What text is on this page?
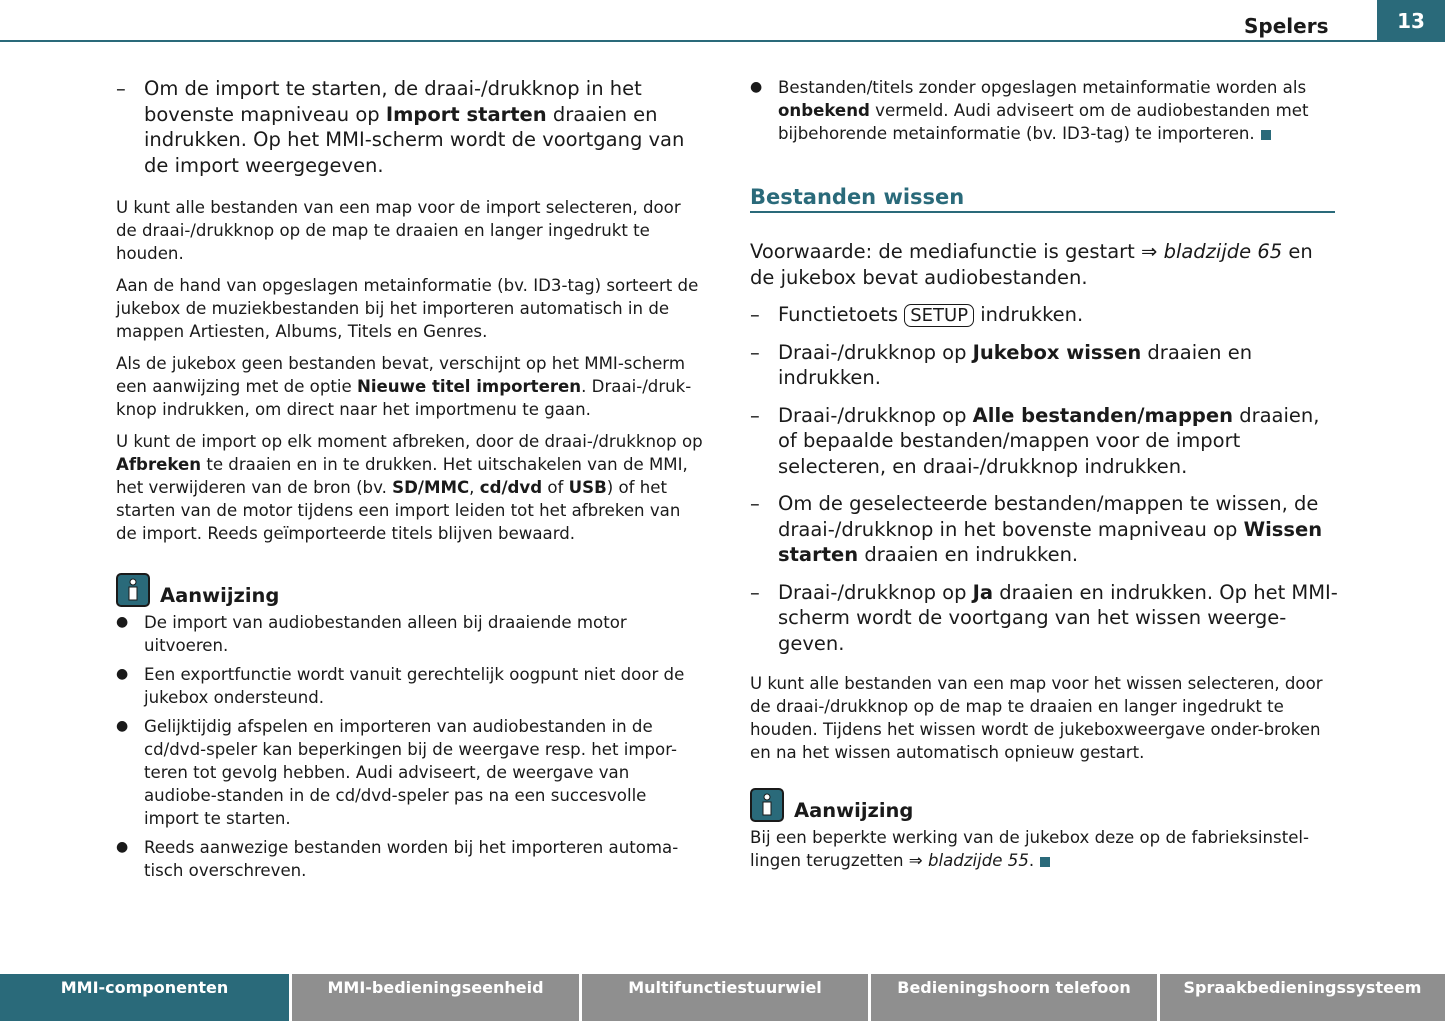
Spelers	13
– Om de import te starten, de draai-/drukknop in het bovenste mapniveau op Import starten draaien en indrukken. Op het MMI-scherm wordt de voortgang van de import weergegeven.

U kunt alle bestanden van een map voor de import selecteren, door de draai-/drukknop op de map te draaien en langer ingedrukt te houden.

Aan de hand van opgeslagen metainformatie (bv. ID3-tag) sorteert de jukebox de muziekbestanden bij het importeren automatisch in de mappen Artiesten, Albums, Titels en Genres.

Als de jukebox geen bestanden bevat, verschijnt op het MMI-scherm een aanwijzing met de optie Nieuwe titel importeren. Draai-/druk-knop indrukken, om direct naar het importmenu te gaan.

U kunt de import op elk moment afbreken, door de draai-/drukknop op Afbreken te draaien en in te drukken. Het uitschakelen van de MMI, het verwijderen van de bron (bv. SD/MMC, cd/dvd of USB) of het starten van de motor tijdens een import leiden tot het afbreken van de import. Reeds geïmporteerde titels blijven bewaard.

Aanwijzing
● De import van audiobestanden alleen bij draaiende motor uitvoeren.
● Een exportfunctie wordt vanuit gerechtelijk oogpunt niet door de jukebox ondersteund.
● Gelijktijdig afspelen en importeren van audiobestanden in de cd/dvd-speler kan beperkingen bij de weergave resp. het impor-teren tot gevolg hebben. Audi adviseert, de weergave van audiobe-standen in de cd/dvd-speler pas na een succesvolle import te starten.
● Reeds aanwezige bestanden worden bij het importeren automa-tisch overschreven.
● Bestanden/titels zonder opgeslagen metainformatie worden als onbekend vermeld. Audi adviseert om de audiobestanden met bijbehorende metainformatie (bv. ID3-tag) te importeren.
Bestanden wissen

Voorwaarde: de mediafunctie is gestart ⇒ bladzijde 65 en de jukebox bevat audiobestanden.

– Functietoets SETUP indrukken.
– Draai-/drukknop op Jukebox wissen draaien en indrukken.
– Draai-/drukknop op Alle bestanden/mappen draaien, of bepaalde bestanden/mappen voor de import selecteren, en draai-/drukknop indrukken.
– Om de geselecteerde bestanden/mappen te wissen, de draai-/drukknop in het bovenste mapniveau op Wissen starten draaien en indrukken.
– Draai-/drukknop op Ja draaien en indrukken. Op het MMI-scherm wordt de voortgang van het wissen weerge-geven.

U kunt alle bestanden van een map voor het wissen selecteren, door de draai-/drukknop op de map te draaien en langer ingedrukt te houden. Tijdens het wissen wordt de jukeboxweergave onder-broken en na het wissen automatisch opnieuw gestart.

Aanwijzing

Bij een beperkte werking van de jukebox deze op de fabrieksinstel-lingen terugzetten ⇒ bladzijde 55.

MMI-componenten	MMI-bedieningseenheid	Multifunctiestuurwiel	Bedieningshoorn telefoon	Spraakbedieningssysteem
